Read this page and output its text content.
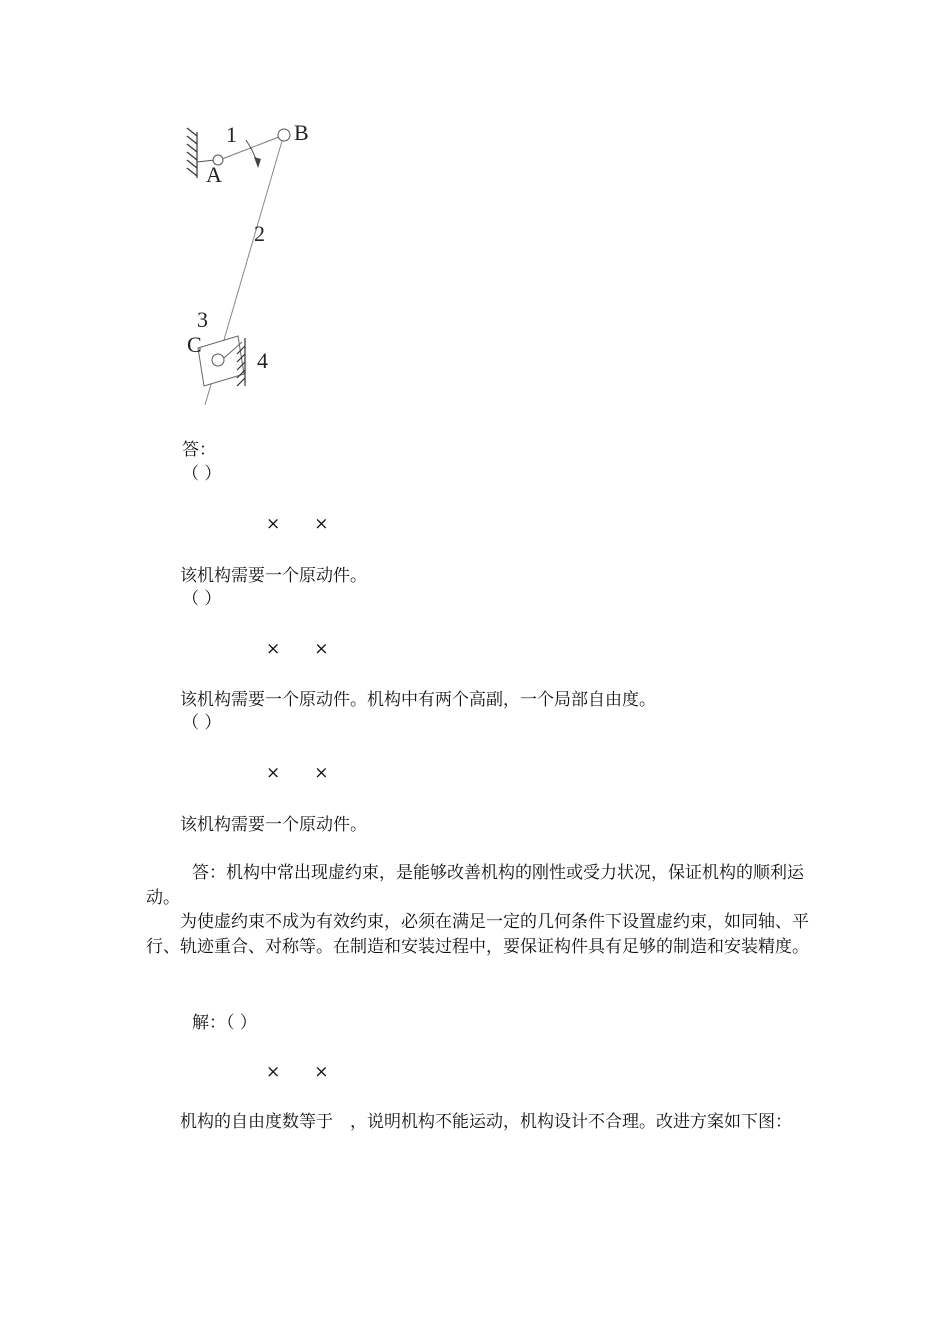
1	B
A
2
3
C
4
答：
（ ）
×　　×
该机构需要一个原动件。
（ ）
×　　×
该机构需要一个原动件。机构中有两个高副，一个局部自由度。
（ ）
×　　×
该机构需要一个原动件。
答：机构中常出现虚约束，是能够改善机构的刚性或受力状况，保证机构的顺利运动。
为使虚约束不成为有效约束，必须在满足一定的几何条件下设置虚约束，如同轴、平行、轨迹重合、对称等。在制造和安装过程中，要保证构件具有足够的制造和安装精度。
解：（ ）
×　　×
机构的自由度数等于　，说明机构不能运动，机构设计不合理。改进方案如下图：
